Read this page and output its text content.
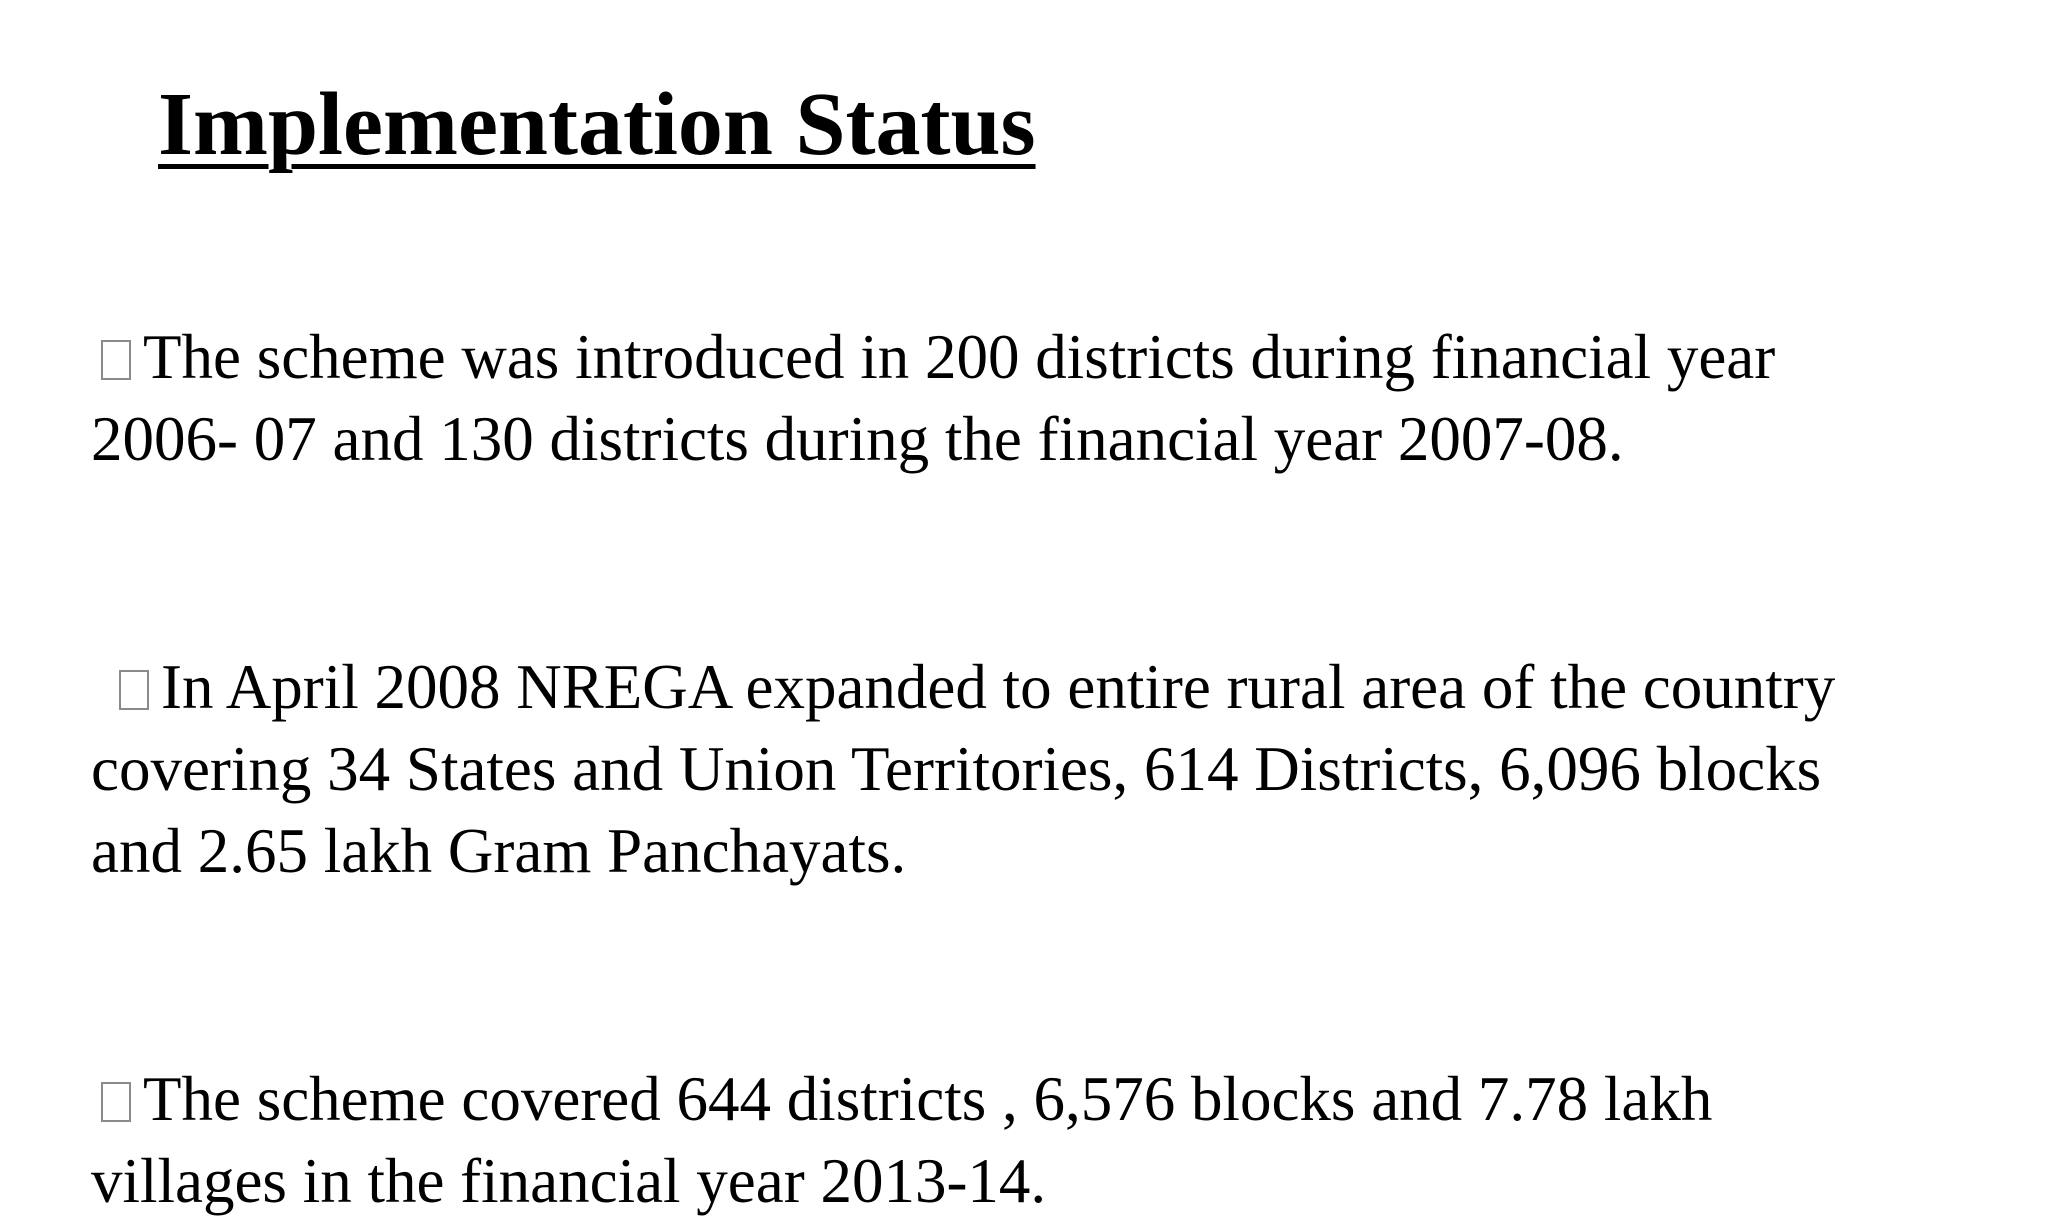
Implementation Status
The scheme was introduced in 200 districts during financial year
2006- 07 and 130 districts during the financial year 2007-08.
In April 2008 NREGA expanded to entire rural area of the country
covering 34 States and Union Territories, 614 Districts, 6,096 blocks
and 2.65 lakh Gram Panchayats.
The scheme covered 644 districts , 6,576 blocks and 7.78 lakh
villages in the financial year 2013-14.
